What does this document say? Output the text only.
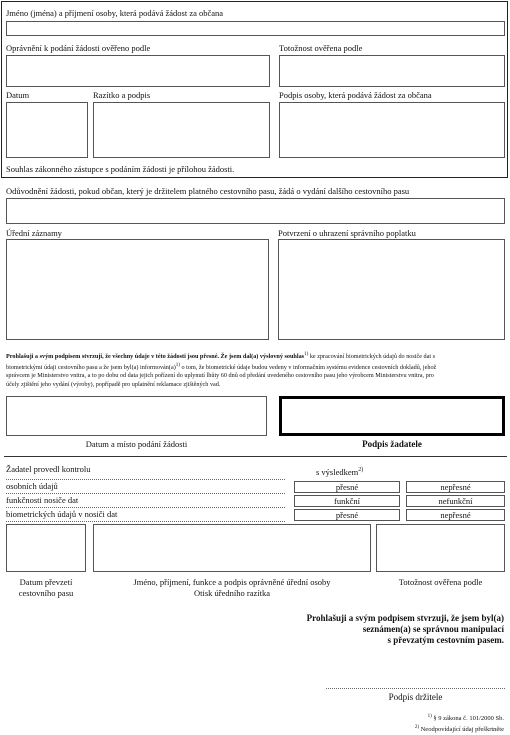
Jméno (jména) a příjmení osoby, která podává žádost za občana
Oprávnění k podání žádosti ověřeno podle	Totožnost ověřena podle
Datum	Razítko a podpis	Podpis osoby, která podává žádost za občana
Souhlas zákonného zástupce s podáním žádosti je přílohou žádosti.
Odůvodnění žádosti, pokud občan, který je držitelem platného cestovního pasu, žádá o vydání dalšího cestovního pasu
Úřední záznamy	Potvrzení o uhrazení správního poplatku
Prohlašuji a svým podpisem stvrzuji, že všechny údaje v této žádosti jsou přesné. Že jsem dal(a) výslovný souhlas$^{1)}$ ke zpracování biometrických údajů do nosiče dat s
biometrickými údaji cestovního pasu a že jsem byl(a) $informován(a)^{1)}$ o tom, že biometrické údaje budou vedeny v informačním systému evidence cestovních dokladů, jehož
správcem je Ministerstvo vnitra, a to po dobu od data jejich pořízení do uplynutí lhůty 60 dnů od předání uvedeného cestovního pasu jeho výrobcem Ministerstvu vnitra, pro
účely zjištění jeho vydání (výroby), popřípadě pro uplatnění reklamace zjištěných vad.
Datum a místo podání žádosti	Podpis žadatele
Žadatel provedl kontrolu	s výsledkem$^{2)}$
osobních údajů	přesné	nepřesné
funkčnosti nosiče dat	funkční	nefunkční
biometrických údajů v nosiči dat	přesné	nepřesné
Datum převzetí
cestovního pasu
Jméno, příjmení, funkce a podpis oprávněné úřední osoby
Otisk úředního razítka
Totožnost ověřena podle
Prohlašuji a svým podpisem stvrzuji, že jsem byl(a)
seznámen(a) se správnou manipulací
s převzatým cestovním pasem.
Podpis držitele
$^{1)}$ § 9 zákona č. 101/2000 Sb.
$^{2)}$ Neodpovídající údaj přeškrtněte
